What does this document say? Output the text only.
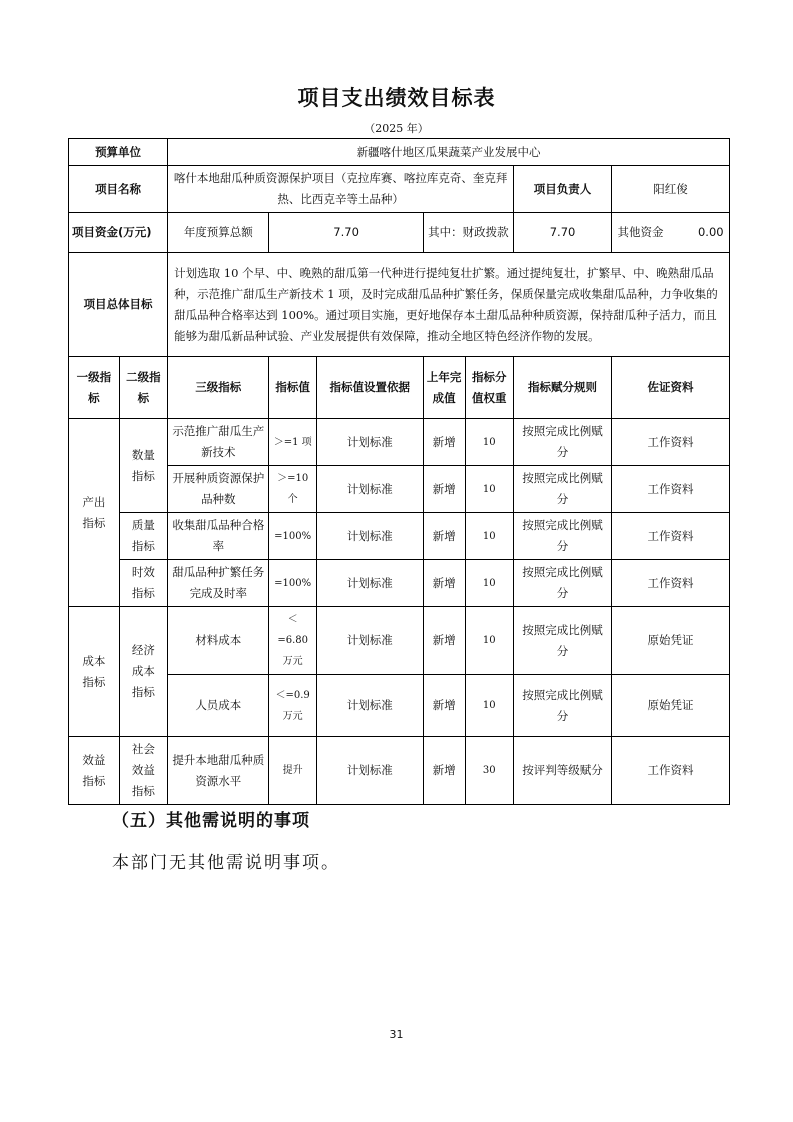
项目支出绩效目标表
（2025 年）
预算单位		新疆喀什地区瓜果蔬菜产业发展中心						
项目名称		喀什本地甜瓜种质资源保护项目（克拉库赛、喀拉库克奇、奎克拜热、比西克辛等土品种）					项目负责人	阳红俊
项目资金(万元)		年度预算总额	7.70		其中：财政拨款		7.70	其他资金　　　 0.00
项目总体目标		计划选取 10 个早、中、晚熟的甜瓜第一代种进行提纯复壮扩繁。通过提纯复壮，扩繁早、中、晚熟甜瓜品种，示范推广甜瓜生产新技术 1 项，及时完成甜瓜品种扩繁任务，保质保量完成收集甜瓜品种，力争收集的甜瓜品种合格率达到 100%。通过项目实施，更好地保存本土甜瓜品种种质资源，保持甜瓜种子活力，而且能够为甜瓜新品种试验、产业发展提供有效保障，推动全地区特色经济作物的发展。						
一级指标	二级指标	三级指标	指标值	指标值设置依据	上年完成值	指标分值权重	指标赋分规则	佐证资料
产出指标	数量指标	示范推广甜瓜生产新技术	＞=1 项	计划标准	新增	10	按照完成比例赋分	工作资料
		开展种质资源保护品种数	＞=10 个	计划标准	新增	10	按照完成比例赋分	工作资料
	质量指标	收集甜瓜品种合格率	=100%	计划标准	新增	10	按照完成比例赋分	工作资料
	时效指标	甜瓜品种扩繁任务完成及时率	=100%	计划标准	新增	10	按照完成比例赋分	工作资料
成本指标	经济成本指标	材料成本	＜=6.80 万元	计划标准	新增	10	按照完成比例赋分	原始凭证
		人员成本	＜=0.9 万元	计划标准	新增	10	按照完成比例赋分	原始凭证
效益指标	社会效益指标	提升本地甜瓜种质资源水平	提升	计划标准	新增	30	按评判等级赋分	工作资料
（五）其他需说明的事项
本部门无其他需说明事项。
31
